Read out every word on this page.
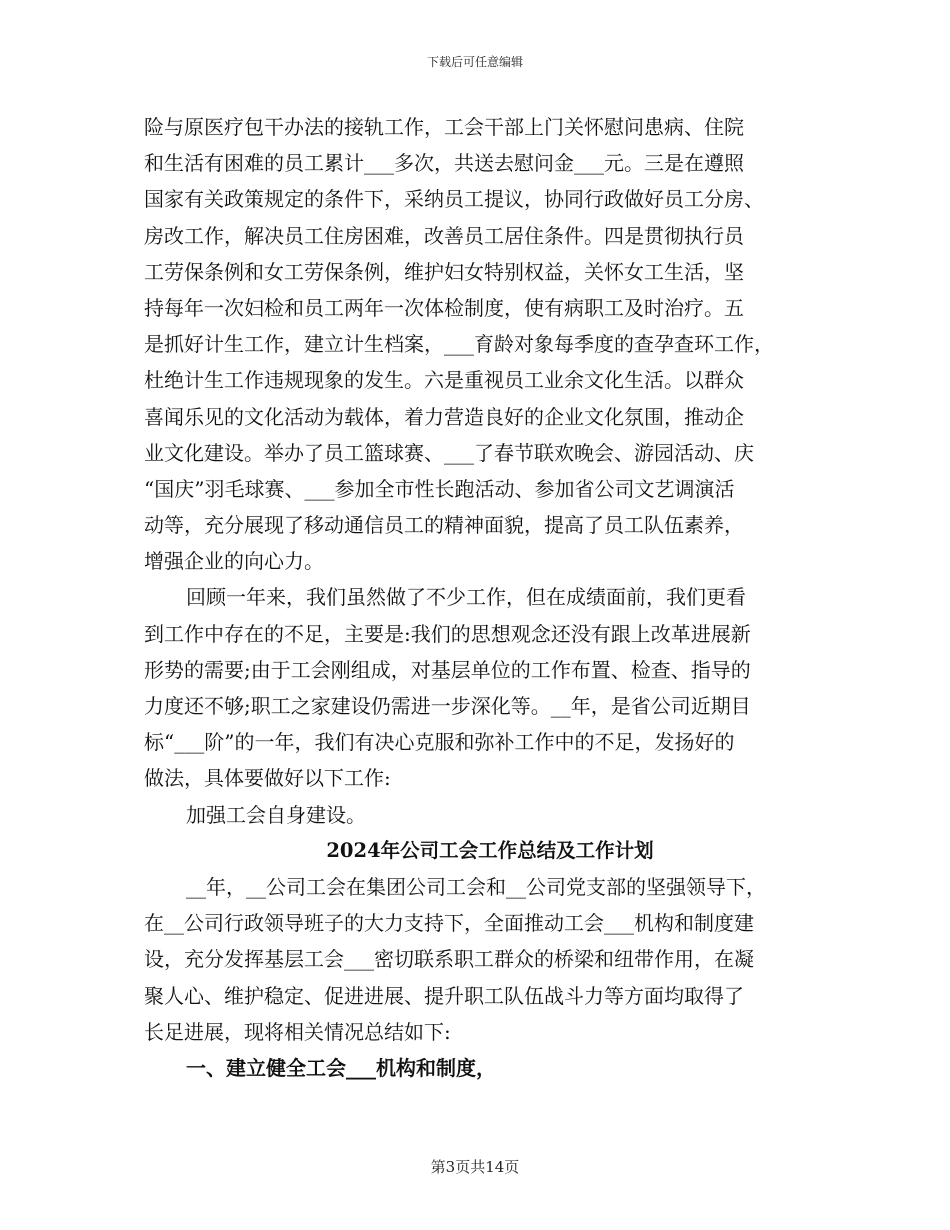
下载后可任意编辑
险与原医疗包干办法的接轨工作，工会干部上门关怀慰问患病、住院
和生活有困难的员工累计___多次，共送去慰问金___元。三是在遵照
国家有关政策规定的条件下，采纳员工提议，协同行政做好员工分房、
房改工作，解决员工住房困难，改善员工居住条件。四是贯彻执行员
工劳保条例和女工劳保条例，维护妇女特别权益，关怀女工生活，坚
持每年一次妇检和员工两年一次体检制度，使有病职工及时治疗。五
是抓好计生工作，建立计生档案，___育龄对象每季度的查孕查环工作，
杜绝计生工作违规现象的发生。六是重视员工业余文化生活。以群众
喜闻乐见的文化活动为载体，着力营造良好的企业文化氛围，推动企
业文化建设。举办了员工篮球赛、___了春节联欢晚会、游园活动、庆
“国庆”羽毛球赛、___参加全市性长跑活动、参加省公司文艺调演活
动等，充分展现了移动通信员工的精神面貌，提高了员工队伍素养，
增强企业的向心力。
回顾一年来，我们虽然做了不少工作，但在成绩面前，我们更看
到工作中存在的不足，主要是:我们的思想观念还没有跟上改革进展新
形势的需要;由于工会刚组成，对基层单位的工作布置、检查、指导的
力度还不够;职工之家建设仍需进一步深化等。__年，是省公司近期目
标“___阶”的一年，我们有决心克服和弥补工作中的不足，发扬好的
做法，具体要做好以下工作:
加强工会自身建设。
2024年公司工会工作总结及工作计划
__年，__公司工会在集团公司工会和__公司党支部的坚强领导下，
在__公司行政领导班子的大力支持下，全面推动工会___机构和制度建
设，充分发挥基层工会___密切联系职工群众的桥梁和纽带作用，在凝
聚人心、维护稳定、促进进展、提升职工队伍战斗力等方面均取得了
长足进展，现将相关情况总结如下:
一、建立健全工会___机构和制度，
第3页共14页
